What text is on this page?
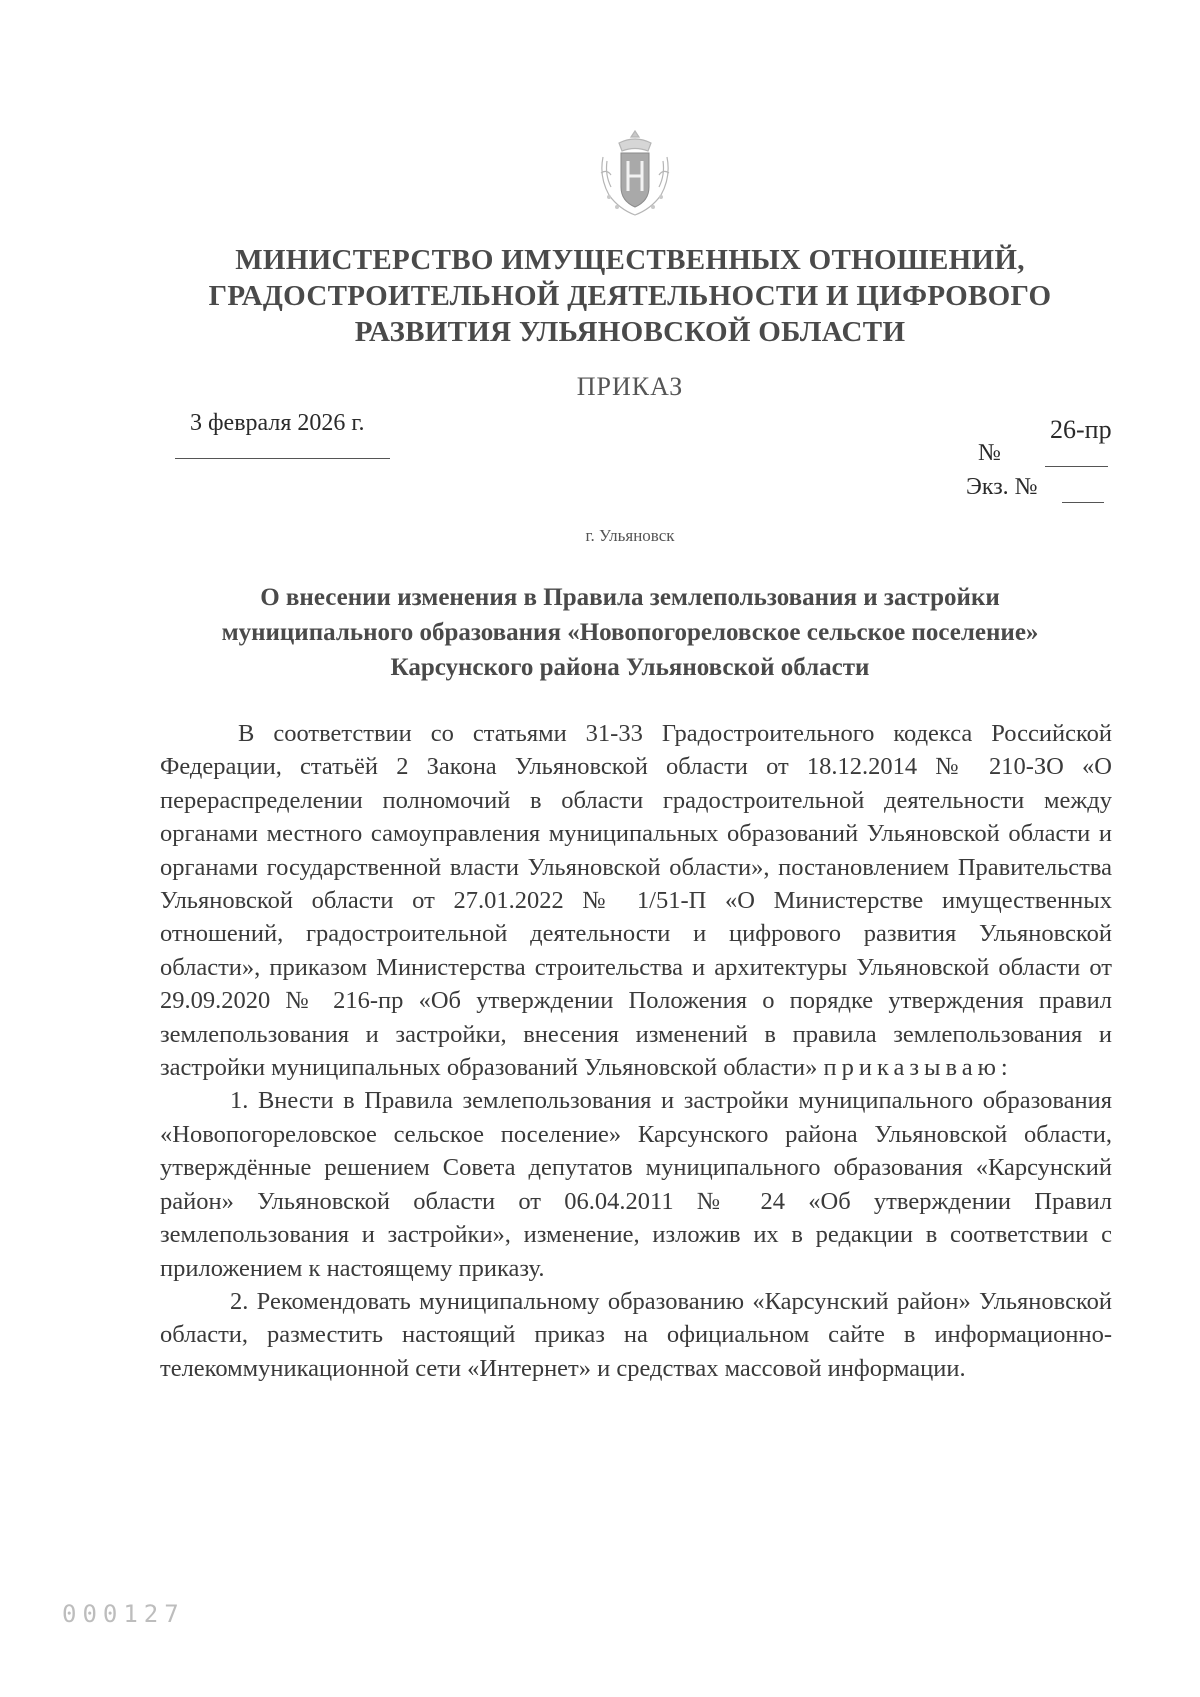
МИНИСТЕРСТВО ИМУЩЕСТВЕННЫХ ОТНОШЕНИЙ,
ГРАДОСТРОИТЕЛЬНОЙ ДЕЯТЕЛЬНОСТИ И ЦИФРОВОГО
РАЗВИТИЯ УЛЬЯНОВСКОЙ ОБЛАСТИ
ПРИКАЗ
3 февраля 2026 г.	26-пр
№
Экз. №
г. Ульяновск
О внесении изменения в Правила землепользования и застройки
муниципального образования «Новопогореловское сельское поселение»
Карсунского района Ульяновской области

В соответствии со статьями 31-33 Градостроительного кодекса Российской Федерации, статьёй 2 Закона Ульяновской области от 18.12.2014 № 210-ЗО «О перераспределении полномочий в области градостроительной деятельности между органами местного самоуправления муниципальных образований Ульяновской области и органами государственной власти Ульяновской области», постановлением Правительства Ульяновской области от 27.01.2022 № 1/51-П «О Министерстве имущественных отношений, градостроительной деятельности и цифрового развития Ульяновской области», приказом Министерства строительства и архитектуры Ульяновской области от 29.09.2020 № 216-пр «Об утверждении Положения о порядке утверждения правил землепользования и застройки, внесения изменений в правила землепользования и застройки муниципальных образований Ульяновской области» приказываю:

1. Внести в Правила землепользования и застройки муниципального образования «Новопогореловское сельское поселение» Карсунского района Ульяновской области, утверждённые решением Совета депутатов муниципального образования «Карсунский район» Ульяновской области от 06.04.2011 № 24 «Об утверждении Правил землепользования и застройки», изменение, изложив их в редакции в соответствии с приложением к настоящему приказу.

2. Рекомендовать муниципальному образованию «Карсунский район» Ульяновской области, разместить настоящий приказ на официальном сайте в информационно-телекоммуникационной сети «Интернет» и средствах массовой информации.

000127
